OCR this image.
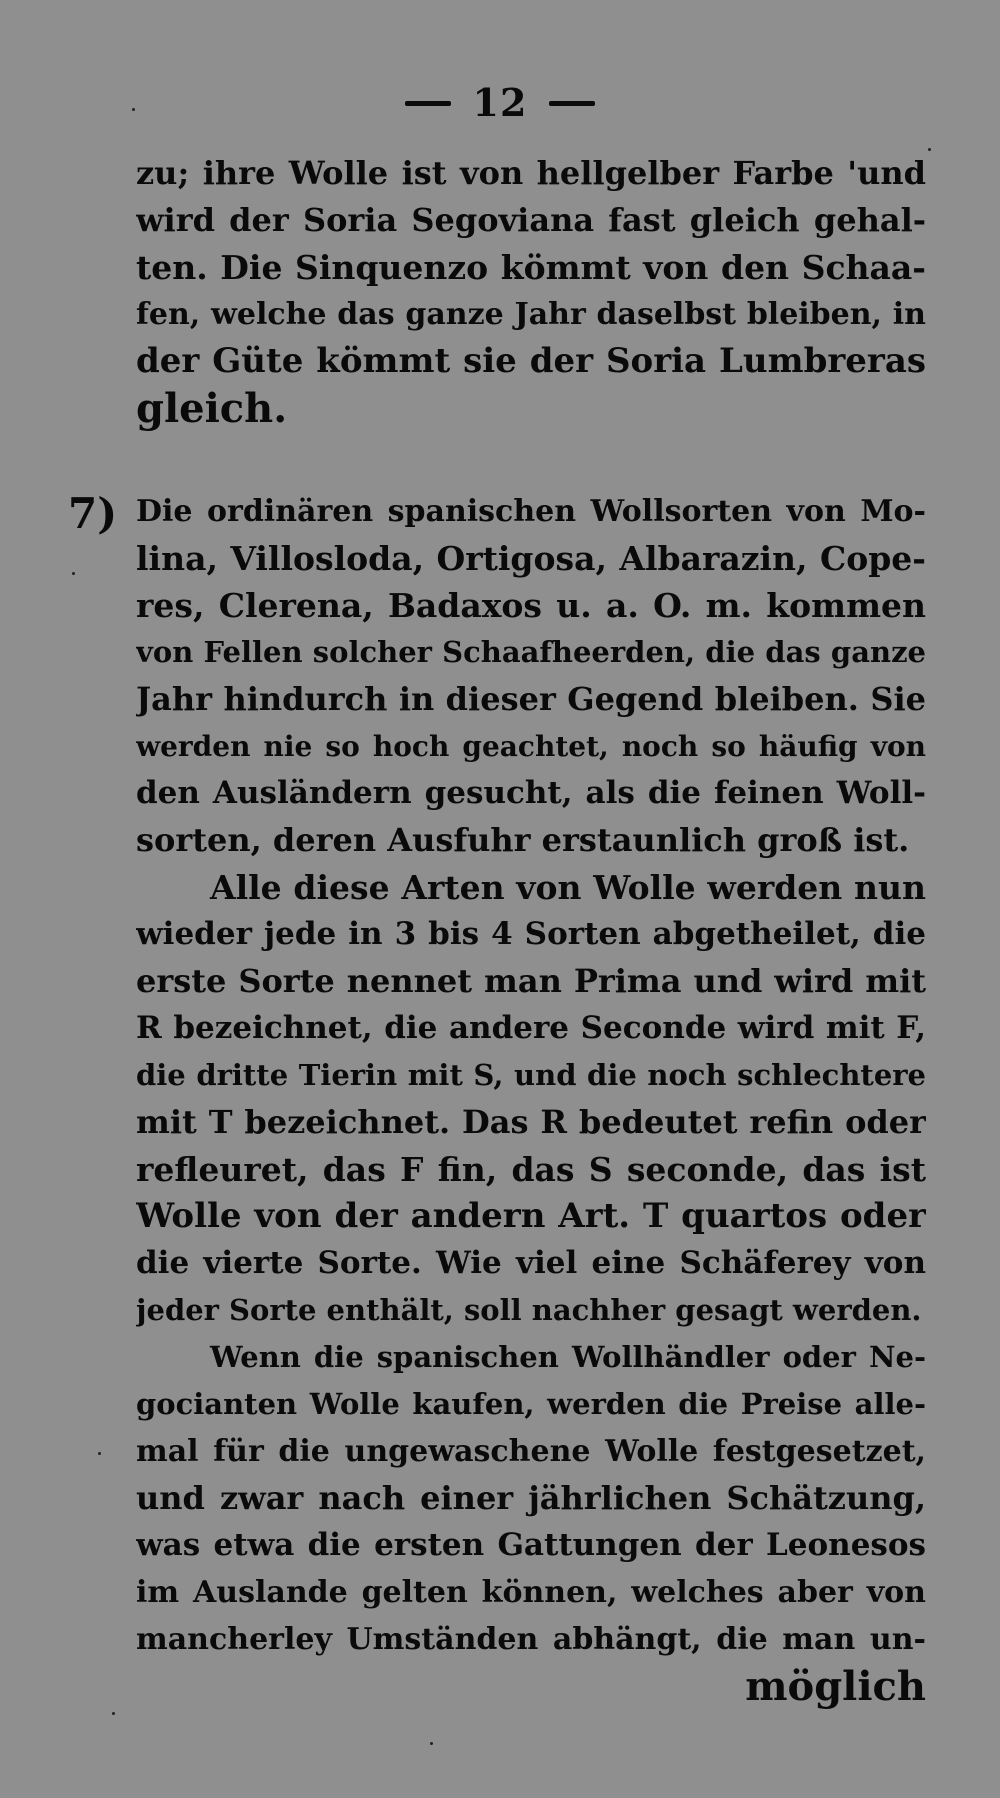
12
zu; ihre Wolle ist von hellgelber Farbe 'und
wird der Soria Segoviana fast gleich gehal-
ten. Die Sinquenzo kömmt von den Schaa-
fen, welche das ganze Jahr daselbst bleiben, in
der Güte kömmt sie der Soria Lumbreras
gleich.
7) Die ordinären spanischen Wollsorten von Mo-
lina, Villosloda, Ortigosa, Albarazin, Cope-
res, Clerena, Badaxos u. a. O. m. kommen
von Fellen solcher Schaafheerden, die das ganze
Jahr hindurch in dieser Gegend bleiben. Sie
werden nie so hoch geachtet, noch so häufig von
den Ausländern gesucht, als die feinen Woll-
sorten, deren Ausfuhr erstaunlich groß ist.
Alle diese Arten von Wolle werden nun
wieder jede in 3 bis 4 Sorten abgetheilet, die
erste Sorte nennet man Prima und wird mit
R bezeichnet, die andere Seconde wird mit F,
die dritte Tierin mit S, und die noch schlechtere
mit T bezeichnet. Das R bedeutet refin oder
refleuret, das F fin, das S seconde, das ist
Wolle von der andern Art. T quartos oder
die vierte Sorte. Wie viel eine Schäferey von
jeder Sorte enthält, soll nachher gesagt werden.
Wenn die spanischen Wollhändler oder Ne-
gocianten Wolle kaufen, werden die Preise alle-
mal für die ungewaschene Wolle festgesetzet,
und zwar nach einer jährlichen Schätzung,
was etwa die ersten Gattungen der Leonesos
im Auslande gelten können, welches aber von
mancherley Umständen abhängt, die man un-
möglich
